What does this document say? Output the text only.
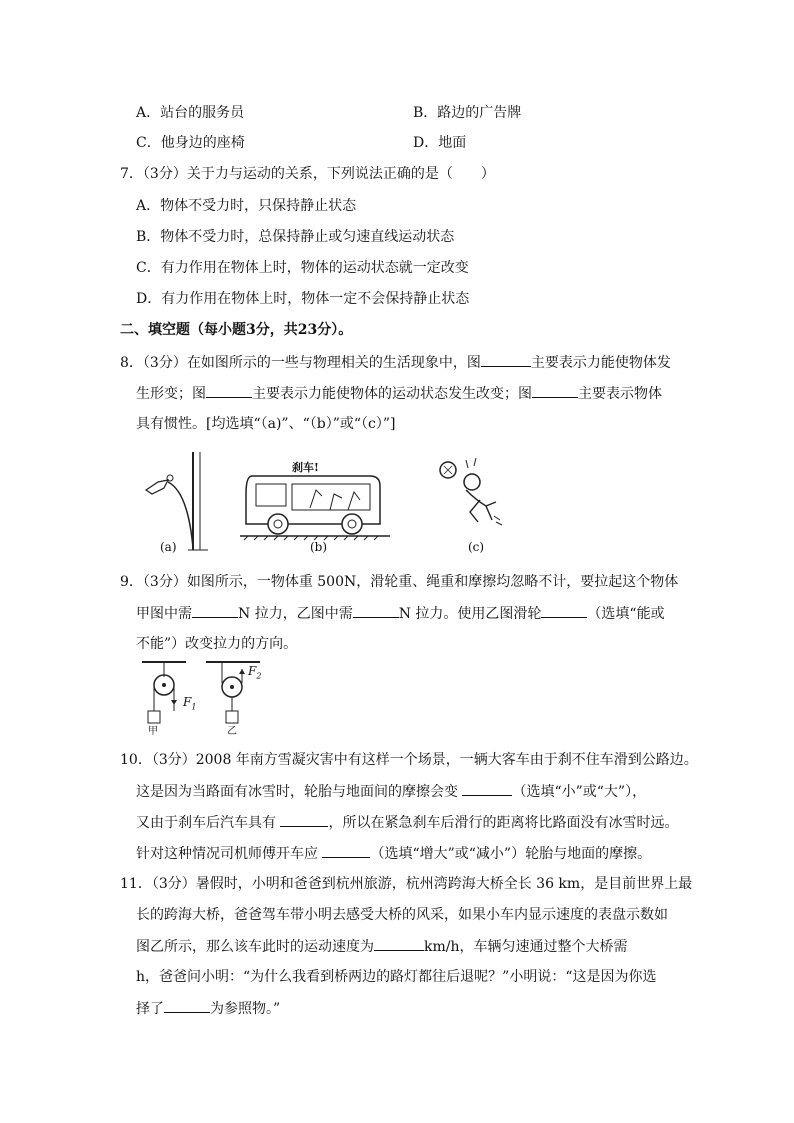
A．站台的服务员	B．路边的广告牌
C．他身边的座椅	D．地面
7．（3分）关于力与运动的关系，下列说法正确的是（　　）
A．物体不受力时，只保持静止状态
B．物体不受力时，总保持静止或匀速直线运动状态
C．有力作用在物体上时，物体的运动状态就一定改变
D．有力作用在物体上时，物体一定不会保持静止状态
二、填空题（每小题3分，共23分）。
8．（3分）在如图所示的一些与物理相关的生活现象中，图	主要表示力能使物体发
生形变；图	主要表示力能使物体的运动状态发生改变；图	主要表示物体
具有惯性。[均选填“（a)”、“（b）”或“（c）”]
(a)
刹车!
(b)	(c)
9．（3分）如图所示，一物体重 500N，滑轮重、绳重和摩擦均忽略不计，要拉起这个物体
甲图中需	N 拉力，乙图中需	N 拉力。使用乙图滑轮	（选填“能或
不能”）改变拉力的方向。
$F_1$
$F_2$
甲	乙
10．（3分）2008 年南方雪凝灾害中有这样一个场景，一辆大客车由于刹不住车滑到公路边。
这是因为当路面有冰雪时，轮胎与地面间的摩擦会变	（选填“小”或“大”），
又由于刹车后汽车具有	，所以在紧急刹车后滑行的距离将比路面没有冰雪时远。
针对这种情况司机师傅开车应	（选填“增大”或“减小”）轮胎与地面的摩擦。
11．（3分）暑假时，小明和爸爸到杭州旅游，杭州湾跨海大桥全长 36 km，是目前世界上最
长的跨海大桥，爸爸驾车带小明去感受大桥的风采，如果小车内显示速度的表盘示数如
图乙所示，那么该车此时的运动速度为	km/h，车辆匀速通过整个大桥需
h，爸爸问小明：“为什么我看到桥两边的路灯都往后退呢？”小明说：“这是因为你选
择了	为参照物。”
